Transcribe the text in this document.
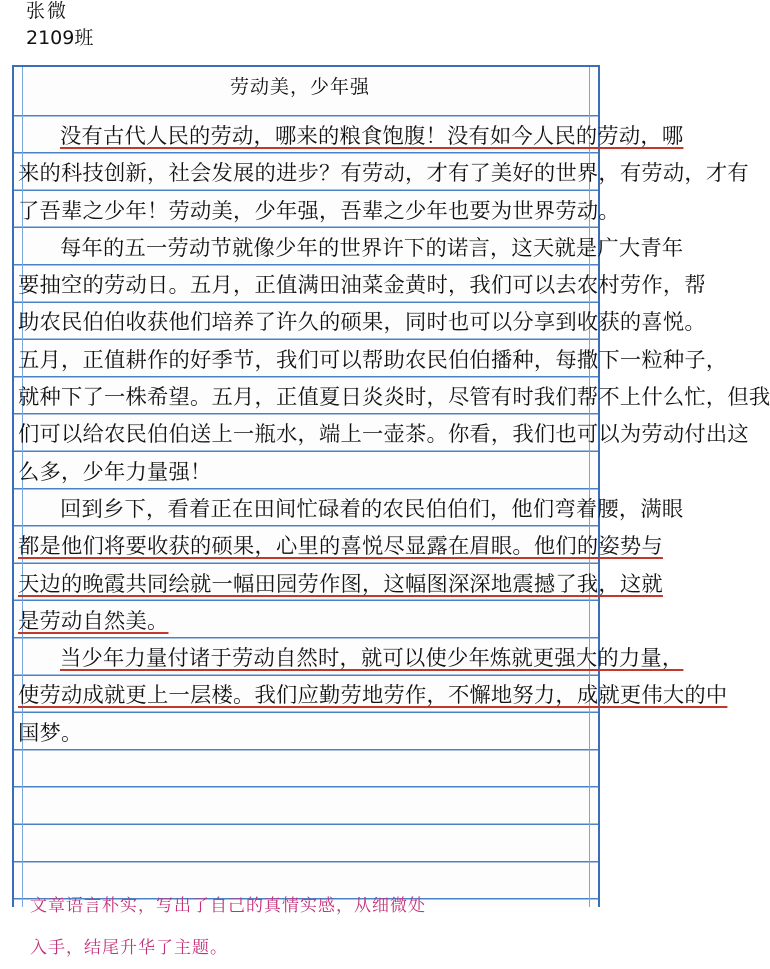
张微
2109班
劳动美，少年强
没有古代人民的劳动，哪来的粮食饱腹！没有如今人民的劳动，哪
来的科技创新，社会发展的进步？有劳动，才有了美好的世界，有劳动，才有
了吾辈之少年！劳动美，少年强，吾辈之少年也要为世界劳动。
每年的五一劳动节就像少年的世界许下的诺言，这天就是广大青年
要抽空的劳动日。五月，正值满田油菜金黄时，我们可以去农村劳作，帮
助农民伯伯收获他们培养了许久的硕果，同时也可以分享到收获的喜悦。
五月，正值耕作的好季节，我们可以帮助农民伯伯播种，每撒下一粒种子，
就种下了一株希望。五月，正值夏日炎炎时，尽管有时我们帮不上什么忙，但我
们可以给农民伯伯送上一瓶水，端上一壶茶。你看，我们也可以为劳动付出这
么多，少年力量强！
回到乡下，看着正在田间忙碌着的农民伯伯们，他们弯着腰，满眼
都是他们将要收获的硕果，心里的喜悦尽显露在眉眼。他们的姿势与
天边的晚霞共同绘就一幅田园劳作图，这幅图深深地震撼了我，这就
是劳动自然美。
当少年力量付诸于劳动自然时，就可以使少年炼就更强大的力量，
使劳动成就更上一层楼。我们应勤劳地劳作，不懈地努力，成就更伟大的中
国梦。
文章语言朴实，写出了自己的真情实感，从细微处
入手，结尾升华了主题。
